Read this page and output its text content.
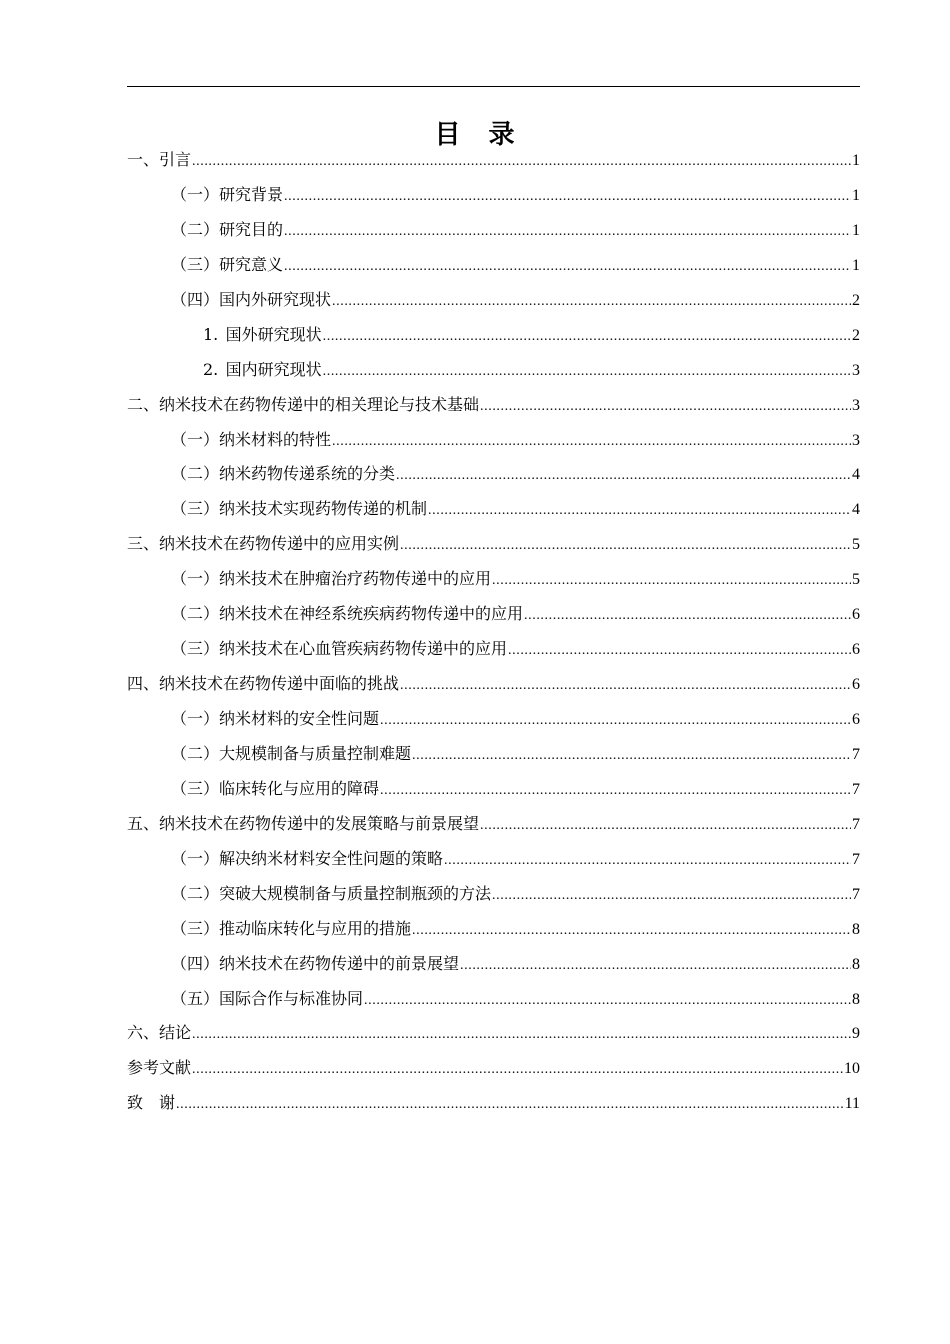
目　录
一、引言 .....	1
（一）研究背景 .....	1
（二）研究目的 .....	1
（三）研究意义 .....	1
（四）国内外研究现状 .....	2
1. 国外研究现状 .....	2
2. 国内研究现状 .....	3
二、纳米技术在药物传递中的相关理论与技术基础 .....	3
（一）纳米材料的特性 .....	3
（二）纳米药物传递系统的分类 .....	4
（三）纳米技术实现药物传递的机制 .....	4
三、纳米技术在药物传递中的应用实例 .....	5
（一）纳米技术在肿瘤治疗药物传递中的应用 .....	5
（二）纳米技术在神经系统疾病药物传递中的应用 .....	6
（三）纳米技术在心血管疾病药物传递中的应用 .....	6
四、纳米技术在药物传递中面临的挑战 .....	6
（一）纳米材料的安全性问题 .....	6
（二）大规模制备与质量控制难题 .....	7
（三）临床转化与应用的障碍 .....	7
五、纳米技术在药物传递中的发展策略与前景展望 .....	7
（一）解决纳米材料安全性问题的策略 .....	7
（二）突破大规模制备与质量控制瓶颈的方法 .....	7
（三）推动临床转化与应用的措施 .....	8
（四）纳米技术在药物传递中的前景展望 .....	8
（五）国际合作与标准协同 .....	8
六、结论 .....	9
参考文献 .....	10
致　谢 .....	11
